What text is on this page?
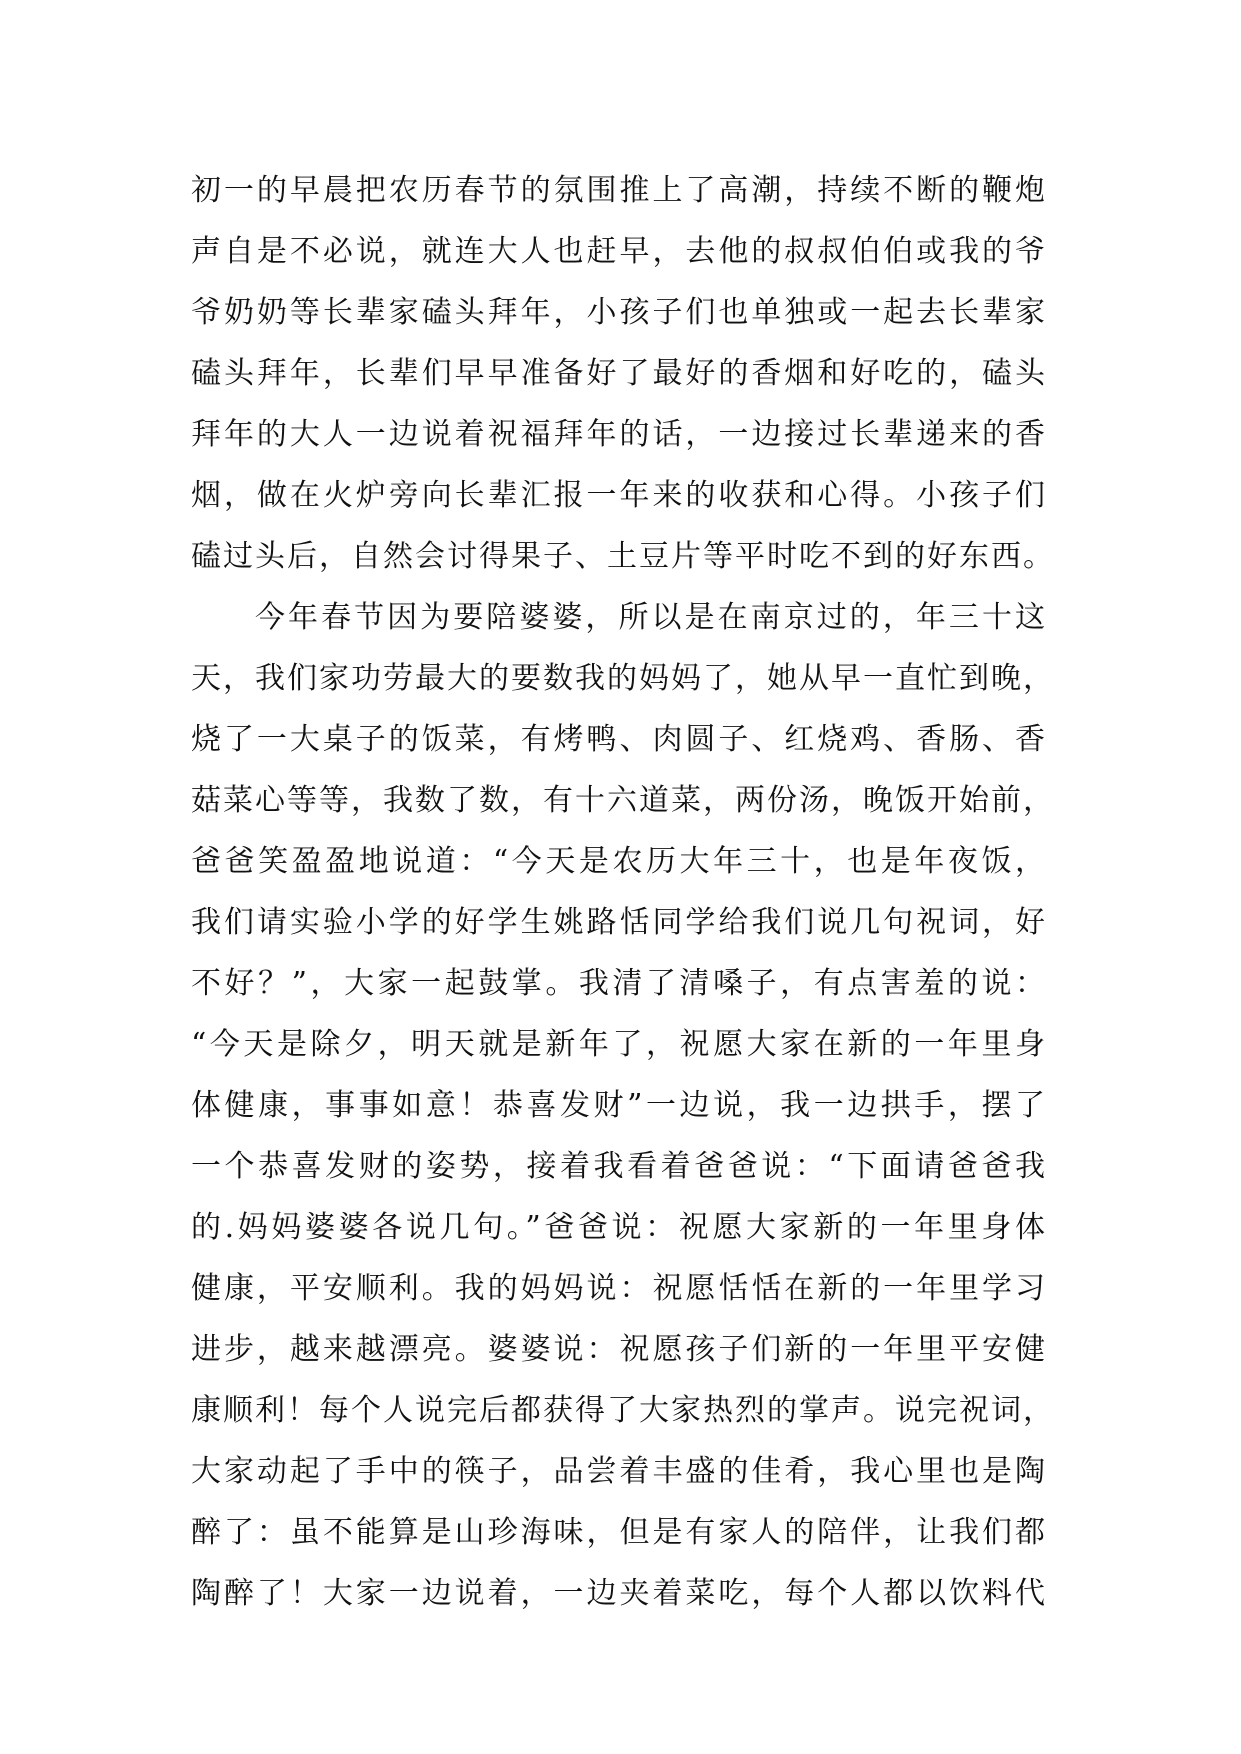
初一的早晨把农历春节的氛围推上了高潮，持续不断的鞭炮
声自是不必说，就连大人也赶早，去他的叔叔伯伯或我的爷
爷奶奶等长辈家磕头拜年，小孩子们也单独或一起去长辈家
磕头拜年，长辈们早早准备好了最好的香烟和好吃的，磕头
拜年的大人一边说着祝福拜年的话，一边接过长辈递来的香
烟，做在火炉旁向长辈汇报一年来的收获和心得。小孩子们
磕过头后，自然会讨得果子、土豆片等平时吃不到的好东西。
今年春节因为要陪婆婆，所以是在南京过的，年三十这
天，我们家功劳最大的要数我的妈妈了，她从早一直忙到晚，
烧了一大桌子的饭菜，有烤鸭、肉圆子、红烧鸡、香肠、香
菇菜心等等，我数了数，有十六道菜，两份汤，晚饭开始前，
爸爸笑盈盈地说道：“今天是农历大年三十，也是年夜饭，
我们请实验小学的好学生姚路恬同学给我们说几句祝词，好
不好？”，大家一起鼓掌。我清了清嗓子，有点害羞的说：
“今天是除夕，明天就是新年了，祝愿大家在新的一年里身
体健康，事事如意！恭喜发财”一边说，我一边拱手，摆了
一个恭喜发财的姿势，接着我看着爸爸说：“下面请爸爸我
的.妈妈婆婆各说几句。”爸爸说：祝愿大家新的一年里身体
健康，平安顺利。我的妈妈说：祝愿恬恬在新的一年里学习
进步，越来越漂亮。婆婆说：祝愿孩子们新的一年里平安健
康顺利！每个人说完后都获得了大家热烈的掌声。说完祝词，
大家动起了手中的筷子，品尝着丰盛的佳肴，我心里也是陶
醉了：虽不能算是山珍海味，但是有家人的陪伴，让我们都
陶醉了！大家一边说着，一边夹着菜吃，每个人都以饮料代
